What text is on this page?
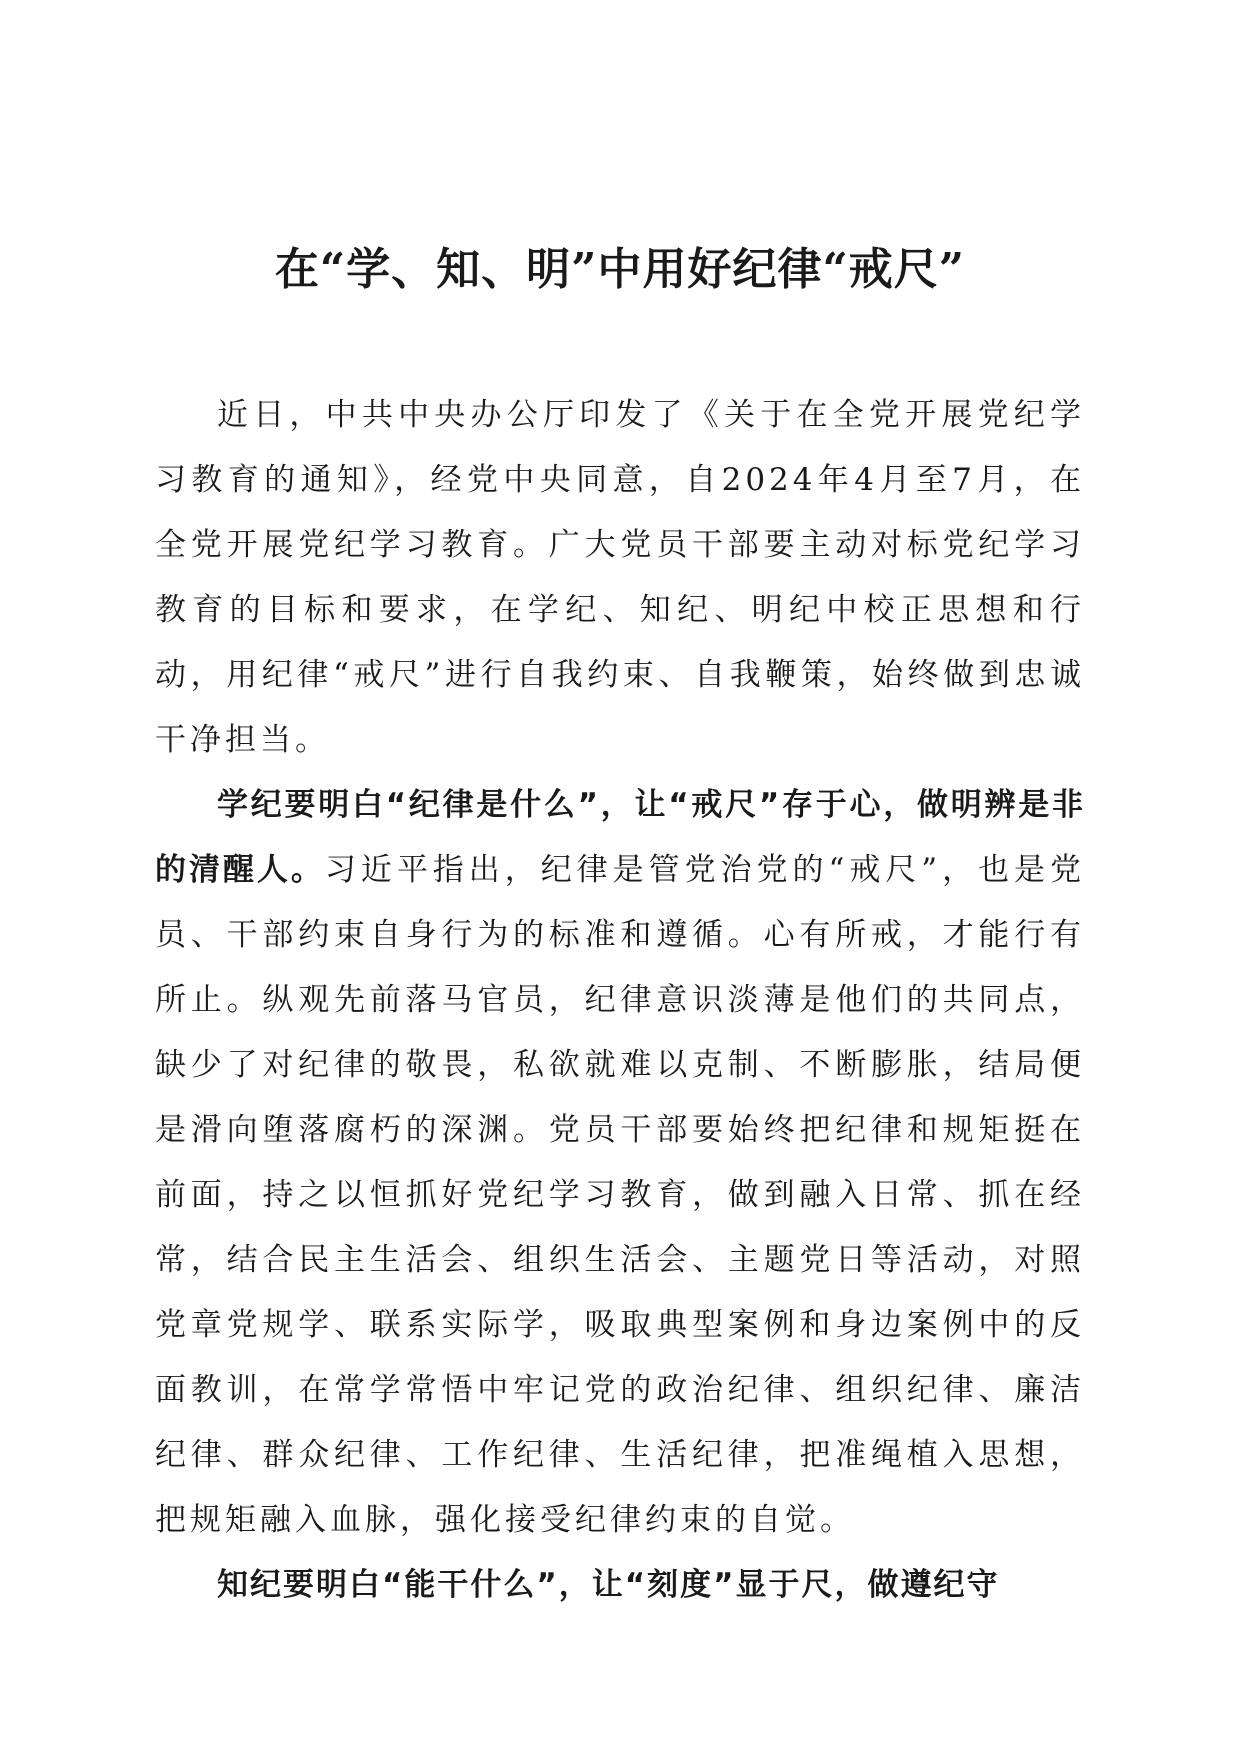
在“学、知、明”中用好纪律“戒尺”

近日，中共中央办公厅印发了《关于在全党开展党纪学习教育的通知》，经党中央同意，自2024年4月至7月，在全党开展党纪学习教育。广大党员干部要主动对标党纪学习教育的目标和要求，在学纪、知纪、明纪中校正思想和行动，用纪律“戒尺”进行自我约束、自我鞭策，始终做到忠诚干净担当。

学纪要明白“纪律是什么”，让“戒尺”存于心，做明辨是非的清醒人。习近平指出，纪律是管党治党的“戒尺”，也是党员、干部约束自身行为的标准和遵循。心有所戒，才能行有所止。纵观先前落马官员，纪律意识淡薄是他们的共同点，缺少了对纪律的敬畏，私欲就难以克制、不断膨胀，结局便是滑向堕落腐朽的深渊。党员干部要始终把纪律和规矩挺在前面，持之以恒抓好党纪学习教育，做到融入日常、抓在经常，结合民主生活会、组织生活会、主题党日等活动，对照党章党规学、联系实际学，吸取典型案例和身边案例中的反面教训，在常学常悟中牢记党的政治纪律、组织纪律、廉洁纪律、群众纪律、工作纪律、生活纪律，把准绳植入思想，把规矩融入血脉，强化接受纪律约束的自觉。

知纪要明白“能干什么”，让“刻度”显于尺，做遵纪守
